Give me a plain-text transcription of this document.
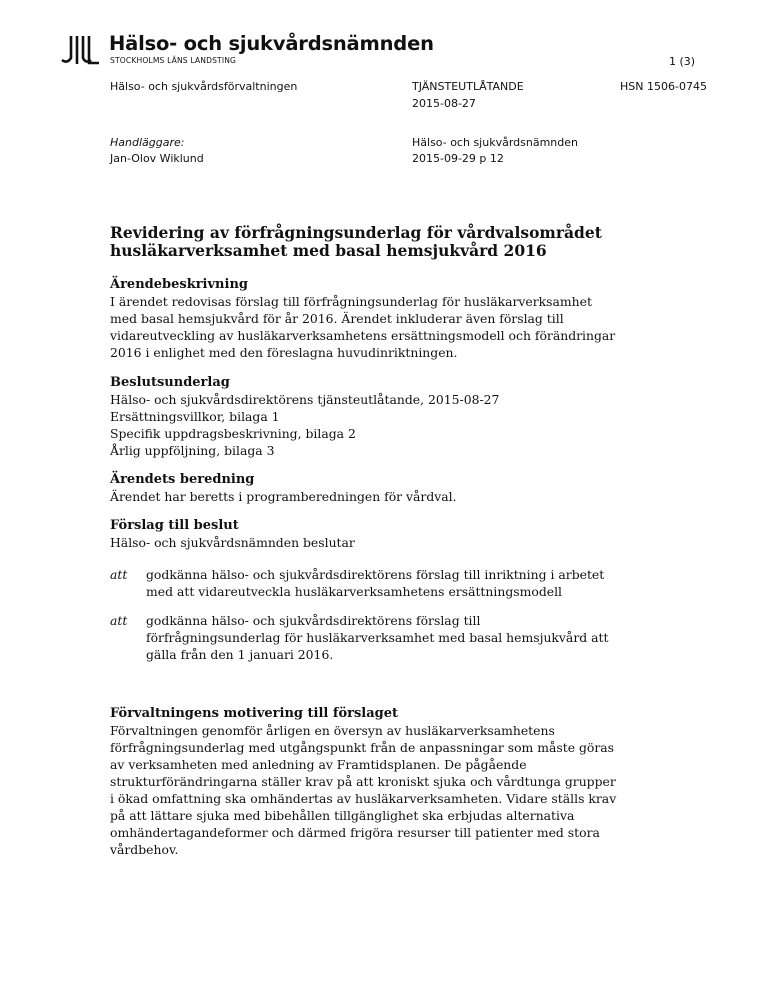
Hälso- och sjukvårdsnämnden
STOCKHOLMS LÄNS LANDSTING	1 (3)
Hälso- och sjukvårdsförvaltningen	TJÄNSTEUTLÅTANDE
2015-08-27
HSN 1506-0745
Handläggare:
Jan-Olov Wiklund
Hälso- och sjukvårdsnämnden
2015-09-29 p 12
Revidering av förfrågningsunderlag för vårdvalsområdet
husläkarverksamhet med basal hemsjukvård 2016
Ärendebeskrivning
I ärendet redovisas förslag till förfrågningsunderlag för husläkarverksamhet
med basal hemsjukvård för år 2016. Ärendet inkluderar även förslag till
vidareutveckling av husläkarverksamhetens ersättningsmodell och förändringar
2016 i enlighet med den föreslagna huvudinriktningen.
Beslutsunderlag
Hälso- och sjukvårdsdirektörens tjänsteutlåtande, 2015-08-27
Ersättningsvillkor, bilaga 1
Specifik uppdragsbeskrivning, bilaga 2
Årlig uppföljning, bilaga 3
Ärendets beredning
Ärendet har beretts i programberedningen för vårdval.
Förslag till beslut
Hälso- och sjukvårdsnämnden beslutar
att godkänna hälso- och sjukvårdsdirektörens förslag till inriktning i arbetet
med att vidareutveckla husläkarverksamhetens ersättningsmodell
att godkänna hälso- och sjukvårdsdirektörens förslag till
förfrågningsunderlag för husläkarverksamhet med basal hemsjukvård att
gälla från den 1 januari 2016.
Förvaltningens motivering till förslaget
Förvaltningen genomför årligen en översyn av husläkarverksamhetens
förfrågningsunderlag med utgångspunkt från de anpassningar som måste göras
av verksamheten med anledning av Framtidsplanen. De pågående
strukturförändringarna ställer krav på att kroniskt sjuka och vårdtunga grupper
i ökad omfattning ska omhändertas av husläkarverksamheten. Vidare ställs krav
på att lättare sjuka med bibehållen tillgänglighet ska erbjudas alternativa
omhändertagandeformer och därmed frigöra resurser till patienter med stora
vårdbehov.
